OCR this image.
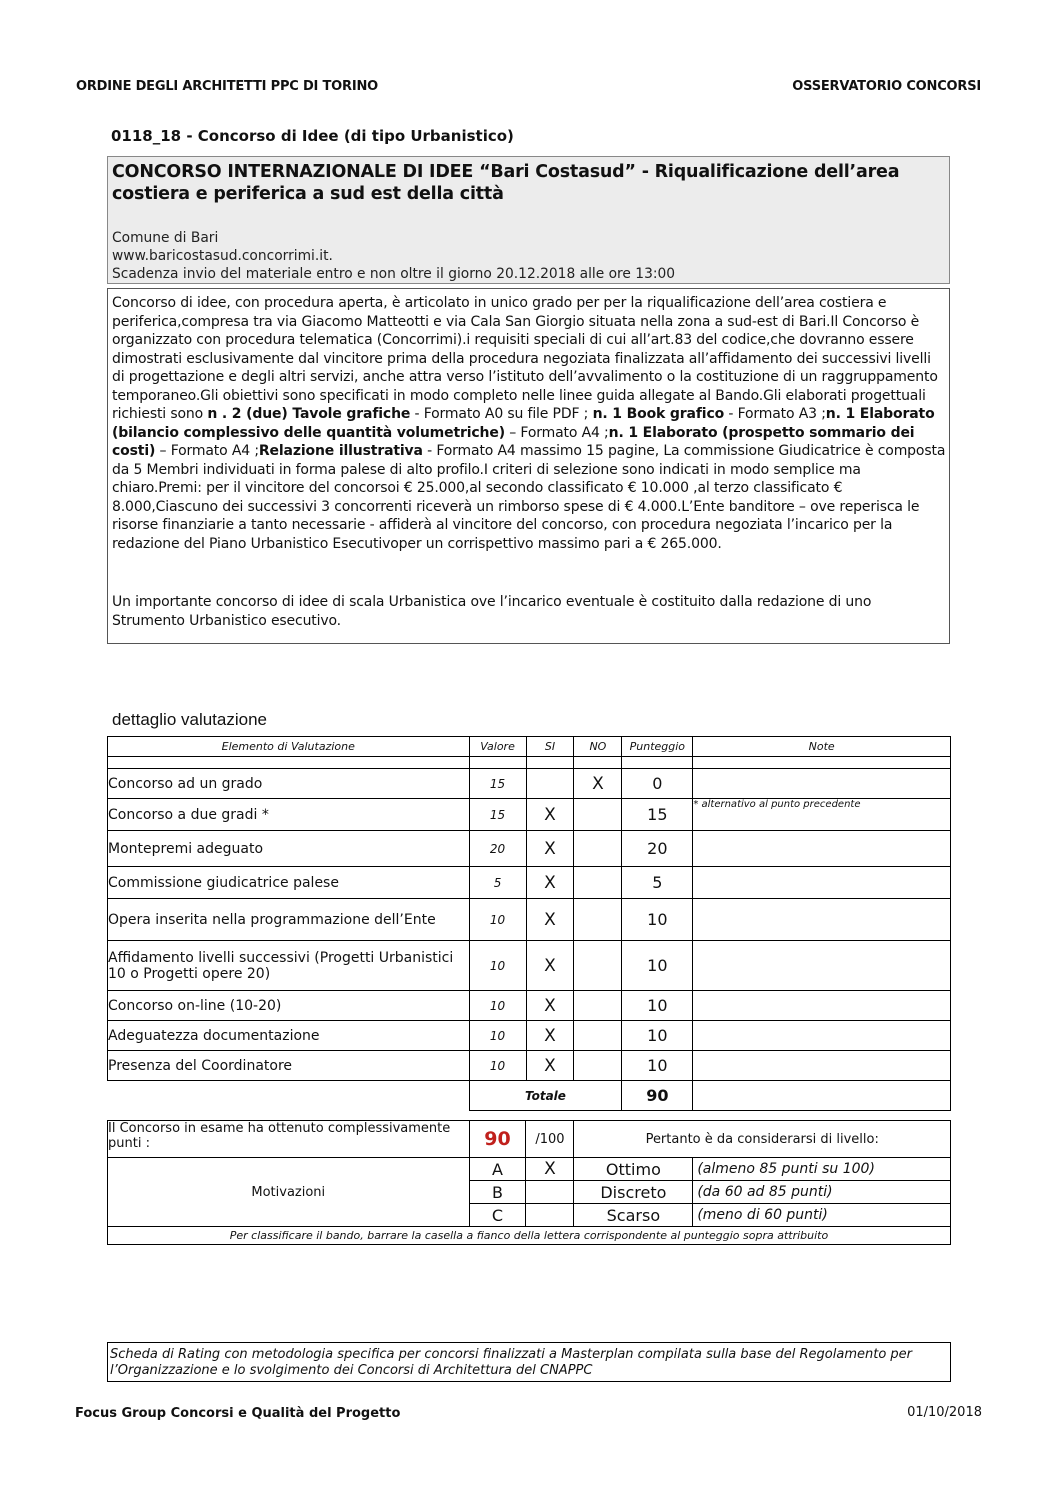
ORDINE DEGLI ARCHITETTI PPC DI TORINO	OSSERVATORIO CONCORSI
0118_18 - Concorso di Idee (di tipo Urbanistico)
CONCORSO INTERNAZIONALE DI IDEE “Bari Costasud” - Riqualificazione dell’area costiera e periferica a sud est della città
Comune di Bari
www.baricostasud.concorrimi.it.
Scadenza invio del materiale entro e non oltre il giorno 20.12.2018 alle ore 13:00
Concorso di idee, con procedura aperta, è articolato in unico grado per per la riqualificazione dell’area costiera e periferica,compresa tra via Giacomo Matteotti e via Cala San Giorgio situata nella zona a sud-est di Bari.Il Concorso è organizzato con procedura telematica (Concorrimi).i requisiti speciali di cui all’art.83 del codice,che dovranno essere dimostrati esclusivamente dal vincitore prima della procedura negoziata finalizzata all’affidamento dei successivi livelli di progettazione e degli altri servizi, anche attra verso l’istituto dell’avvalimento o la costituzione di un raggruppamento temporaneo.Gli obiettivi sono specificati in modo completo nelle linee guida allegate al Bando.Gli elaborati progettuali richiesti sono n . 2 (due) Tavole grafiche - Formato A0 su file PDF ; n. 1 Book grafico - Formato A3 ;n. 1 Elaborato (bilancio complessivo delle quantità volumetriche) – Formato A4 ;n. 1 Elaborato (prospetto sommario dei costi) – Formato A4 ;Relazione illustrativa - Formato A4 massimo 15 pagine, La commissione Giudicatrice è composta da 5 Membri individuati in forma palese di alto profilo.I criteri di selezione sono indicati in modo semplice ma chiaro.Premi: per il vincitore del concorsoi € 25.000,al secondo classificato € 10.000 ,al terzo classificato € 8.000,Ciascuno dei successivi 3 concorrenti riceverà un rimborso spese di € 4.000.L’Ente banditore – ove reperisca le risorse finanziarie a tanto necessarie - affiderà al vincitore del concorso, con procedura negoziata l’incarico per la redazione del Piano Urbanistico Esecutivoper un corrispettivo massimo pari a € 265.000.
Un importante concorso di idee di scala Urbanistica ove l’incarico eventuale è costituito dalla redazione di uno Strumento Urbanistico esecutivo.
dettaglio valutazione
Elemento di Valutazione	Valore	SI	NO	Punteggio	Note

Concorso ad un grado	15		X	0	
Concorso a due gradi *	15	X		15	* alternativo al punto precedente
Montepremi adeguato	20	X		20	
Commissione giudicatrice palese	5	X		5	
Opera inserita nella programmazione dell’Ente	10	X		10	
Affidamento livelli successivi (Progetti Urbanistici 10 o Progetti opere 20)	10	X		10	
Concorso on-line (10-20)	10	X		10	
Adeguatezza documentazione	10	X		10	
Presenza del Coordinatore	10	X		10	
	Totale			90	
Il Concorso in esame ha ottenuto complessivamente punti :	90	/100	Pertanto è da considerarsi di livello:	
Motivazioni	A	X	Ottimo	(almeno 85 punti su 100)
	B		Discreto	(da 60 ad 85 punti)
	C		Scarso	(meno di 60 punti)
Per classificare il bando, barrare la casella a fianco della lettera corrispondente al punteggio sopra attribuito				
Scheda di Rating con metodologia specifica per concorsi finalizzati a Masterplan compilata sulla base del Regolamento per l’Organizzazione e lo svolgimento dei Concorsi di Architettura del CNAPPC
Focus Group Concorsi e Qualità del Progetto	01/10/2018
